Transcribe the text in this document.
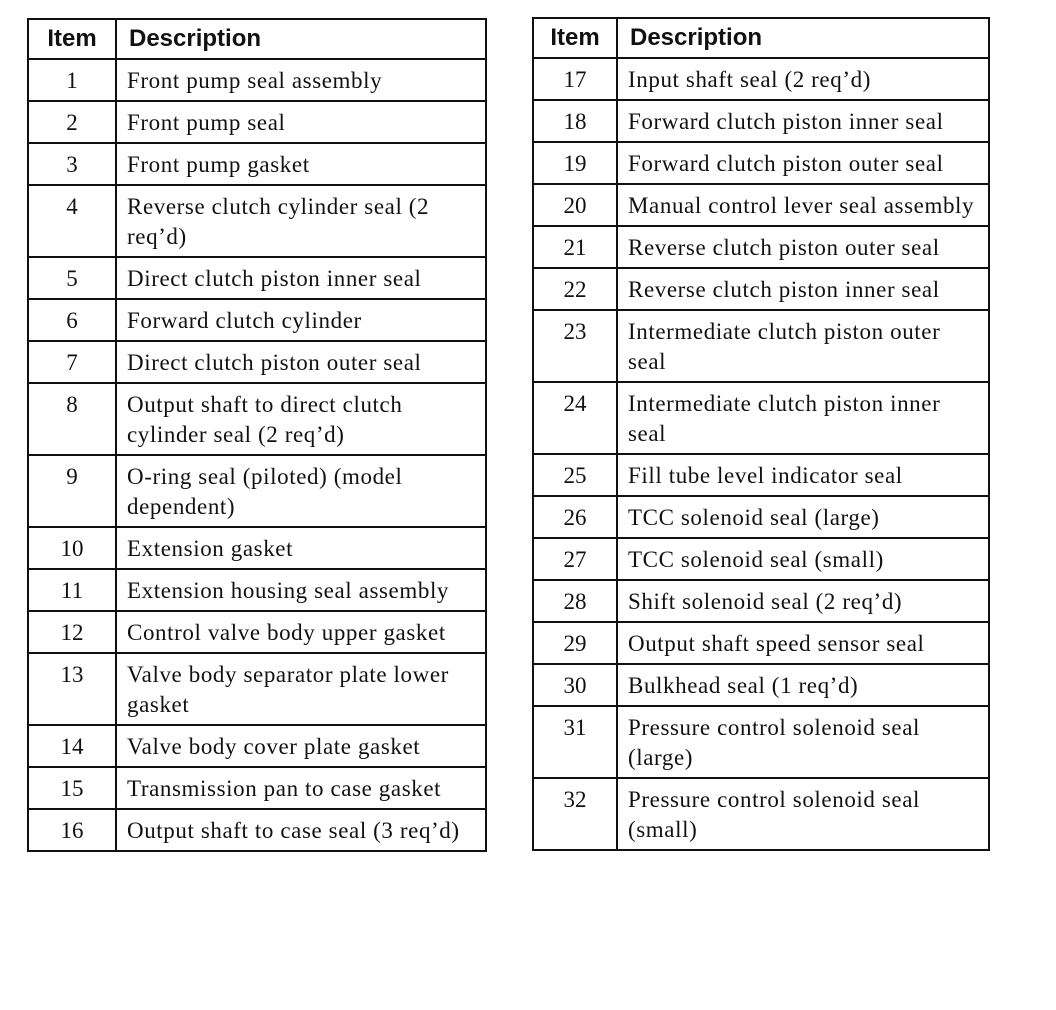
Item	Description
1	Front pump seal assembly
2	Front pump seal
3	Front pump gasket
4	Reverse clutch cylinder seal (2 req’d)
5	Direct clutch piston inner seal
6	Forward clutch cylinder
7	Direct clutch piston outer seal
8	Output shaft to direct clutch cylinder seal (2 req’d)
9	O-ring seal (piloted) (model dependent)
10	Extension gasket
11	Extension housing seal assembly
12	Control valve body upper gasket
13	Valve body separator plate lower gasket
14	Valve body cover plate gasket
15	Transmission pan to case gasket
16	Output shaft to case seal (3 req’d)
Item	Description
17	Input shaft seal (2 req’d)
18	Forward clutch piston inner seal
19	Forward clutch piston outer seal
20	Manual control lever seal assembly
21	Reverse clutch piston outer seal
22	Reverse clutch piston inner seal
23	Intermediate clutch piston outer seal
24	Intermediate clutch piston inner seal
25	Fill tube level indicator seal
26	TCC solenoid seal (large)
27	TCC solenoid seal (small)
28	Shift solenoid seal (2 req’d)
29	Output shaft speed sensor seal
30	Bulkhead seal (1 req’d)
31	Pressure control solenoid seal (large)
32	Pressure control solenoid seal (small)
